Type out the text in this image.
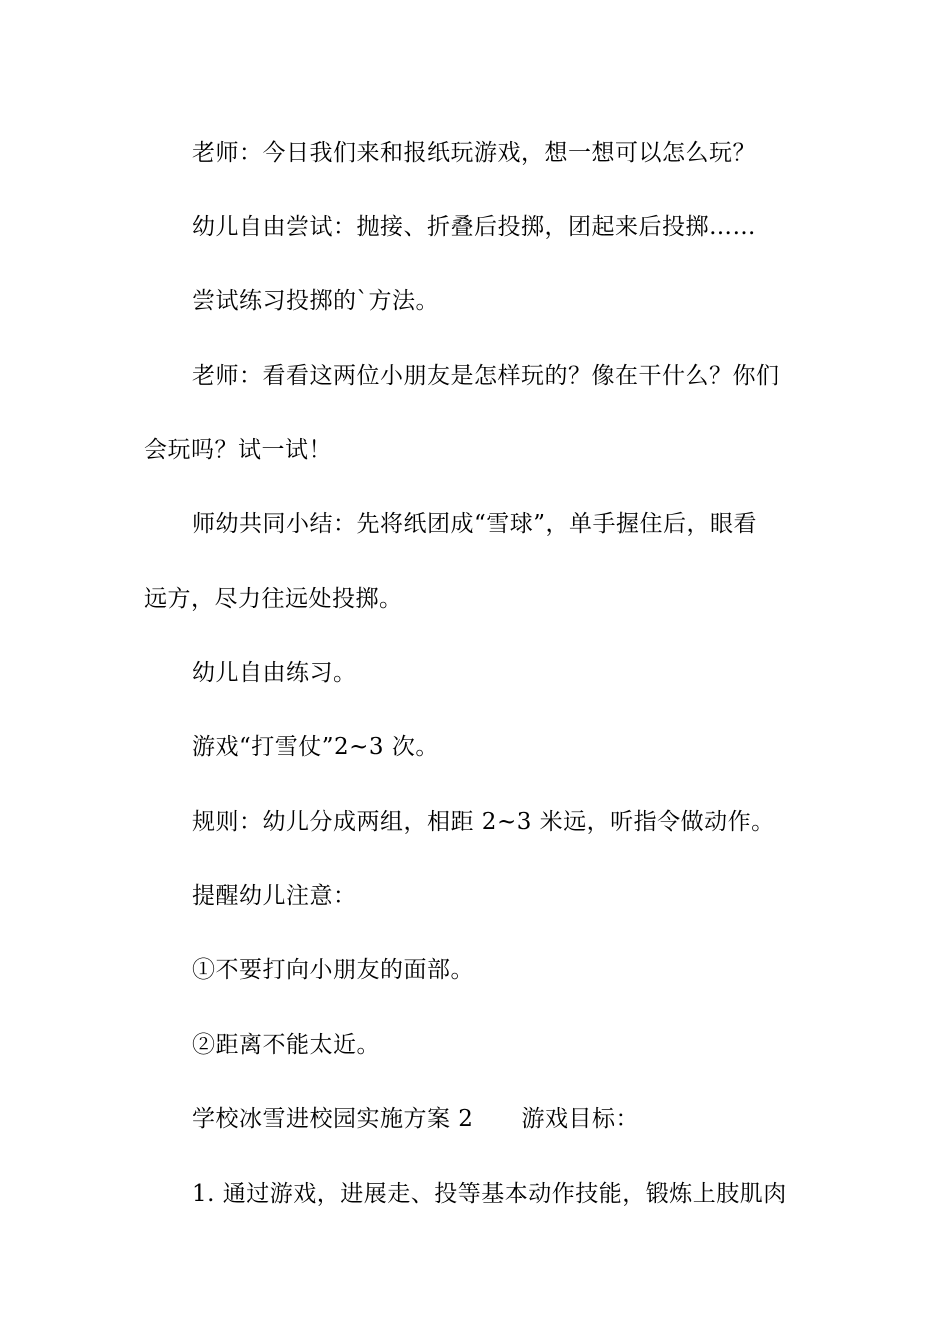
老师：今日我们来和报纸玩游戏，想一想可以怎么玩？
幼儿自由尝试：抛接、折叠后投掷，团起来后投掷……
尝试练习投掷的`方法。
老师：看看这两位小朋友是怎样玩的？像在干什么？你们
会玩吗？试一试！
师幼共同小结：先将纸团成“雪球”，单手握住后，眼看
远方，尽力往远处投掷。
幼儿自由练习。
游戏“打雪仗”2~3 次。
规则：幼儿分成两组，相距 2~3 米远，听指令做动作。
提醒幼儿注意：
①不要打向小朋友的面部。
②距离不能太近。
学校冰雪进校园实施方案 2 游戏目标：
1. 通过游戏，进展走、投等基本动作技能，锻炼上肢肌肉
